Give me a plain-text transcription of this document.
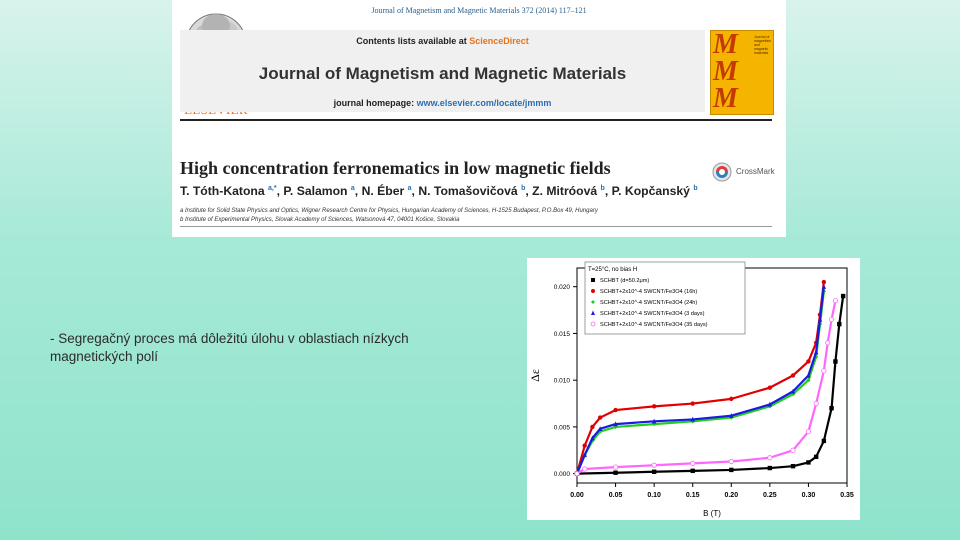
Journal of Magnetism and Magnetic Materials 372 (2014) 117–121
Contents lists available at ScienceDirect
Journal of Magnetism and Magnetic Materials
journal homepage: www.elsevier.com/locate/jmmm
M
M
M
Journal of magnetism and magnetic materials
High concentration ferronematics in low magnetic fields
T. Tóth-Katona $^{a,*}$, P. Salamon $^a$, N. Éber $^a$, N. Tomašovičová $^b$, Z. Mitróová $^b$, P. Kopčanský $^b$
a Institute for Solid State Physics and Optics, Wigner Research Centre for Physics, Hungarian Academy of Sciences, H-1525 Budapest, P.O.Box 49, Hungary
b Institute of Experimental Physics, Slovak Academy of Sciences, Watsonová 47, 04001 Košice, Slovakia
CrossMark
- Segregačný proces má dôležitú úlohu v oblastiach nízkych magnetických polí
0.00	0.05	0.10	0.15	0.20	0.25	0.30	0.35
0.000
0.005
0.010
0.015
0.020
B (T)
Δε
T=25°C, no bias H
SCHBT (d=50.2μm)
SCHBT+2x10^-4 SWCNT/Fe3O4 (16h)
SCHBT+2x10^-4 SWCNT/Fe3O4 (24h)
SCHBT+2x10^-4 SWCNT/Fe3O4 (3 days)
SCHBT+2x10^-4 SWCNT/Fe3O4 (35 days)
